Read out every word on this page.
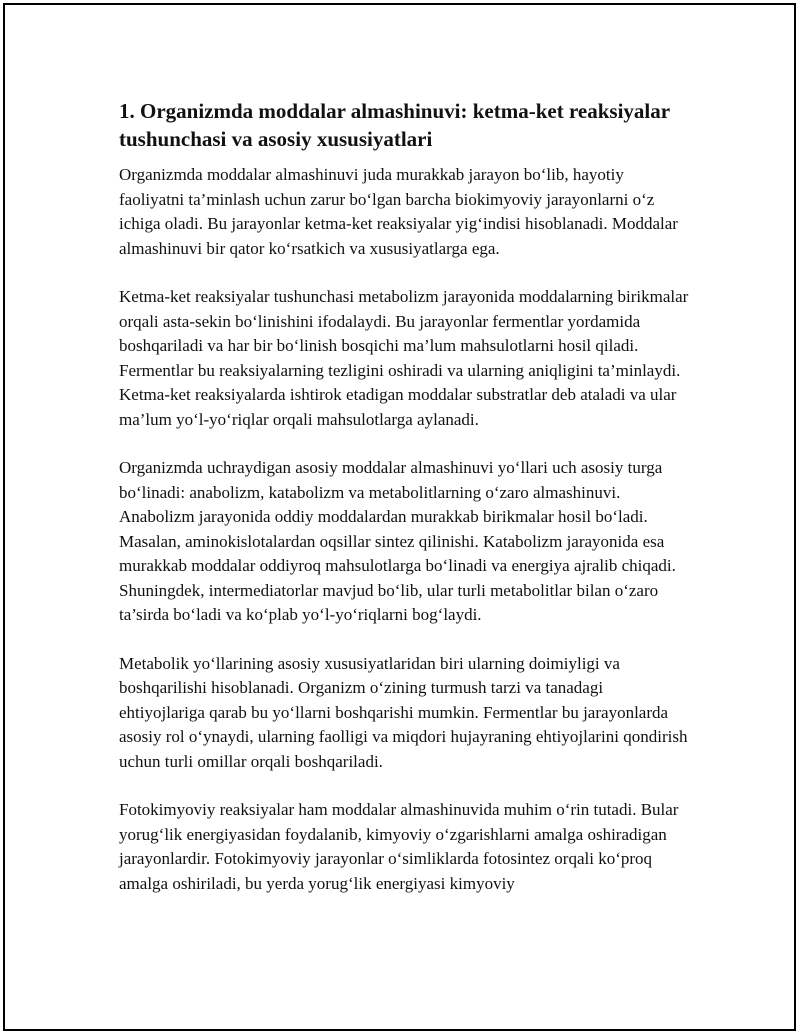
1. Organizmda moddalar almashinuvi: ketma-ket reaksiyalar tushunchasi va asosiy xususiyatlari

Organizmda moddalar almashinuvi juda murakkab jarayon bo‘lib, hayotiy faoliyatni ta’minlash uchun zarur bo‘lgan barcha biokimyoviy jarayonlarni o‘z ichiga oladi. Bu jarayonlar ketma-ket reaksiyalar yig‘indisi hisoblanadi. Moddalar almashinuvi bir qator ko‘rsatkich va xususiyatlarga ega.

Ketma-ket reaksiyalar tushunchasi metabolizm jarayonida moddalarning birikmalar orqali asta-sekin bo‘linishini ifodalaydi. Bu jarayonlar fermentlar yordamida boshqariladi va har bir bo‘linish bosqichi ma’lum mahsulotlarni hosil qiladi. Fermentlar bu reaksiyalarning tezligini oshiradi va ularning aniqligini ta’minlaydi. Ketma-ket reaksiyalarda ishtirok etadigan moddalar substratlar deb ataladi va ular ma’lum yo‘l-yo‘riqlar orqali mahsulotlarga aylanadi.

Organizmda uchraydigan asosiy moddalar almashinuvi yo‘llari uch asosiy turga bo‘linadi: anabolizm, katabolizm va metabolitlarning o‘zaro almashinuvi. Anabolizm jarayonida oddiy moddalardan murakkab birikmalar hosil bo‘ladi. Masalan, aminokislotalardan oqsillar sintez qilinishi. Katabolizm jarayonida esa murakkab moddalar oddiyroq mahsulotlarga bo‘linadi va energiya ajralib chiqadi. Shuningdek, intermediatorlar mavjud bo‘lib, ular turli metabolitlar bilan o‘zaro ta’sirda bo‘ladi va ko‘plab yo‘l-yo‘riqlarni bog‘laydi.

Metabolik yo‘llarining asosiy xususiyatlaridan biri ularning doimiyligi va boshqarilishi hisoblanadi. Organizm o‘zining turmush tarzi va tanadagi ehtiyojlariga qarab bu yo‘llarni boshqarishi mumkin. Fermentlar bu jarayonlarda asosiy rol o‘ynaydi, ularning faolligi va miqdori hujayraning ehtiyojlarini qondirish uchun turli omillar orqali boshqariladi.

Fotokimyoviy reaksiyalar ham moddalar almashinuvida muhim o‘rin tutadi. Bular yorug‘lik energiyasidan foydalanib, kimyoviy o‘zgarishlarni amalga oshiradigan jarayonlardir. Fotokimyoviy jarayonlar o‘simliklarda fotosintez orqali ko‘proq amalga oshiriladi, bu yerda yorug‘lik energiyasi kimyoviy
